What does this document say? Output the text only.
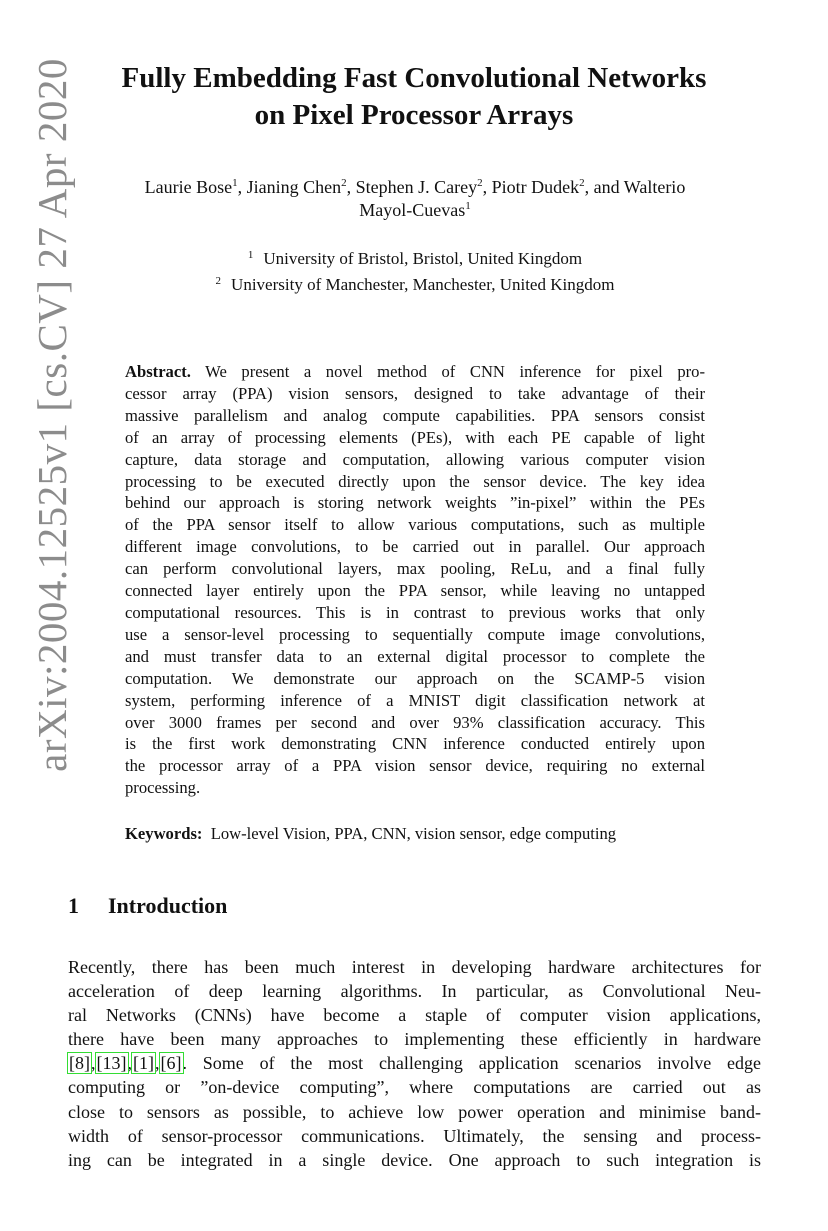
arXiv:2004.12525v1 [cs.CV] 27 Apr 2020	Fully Embedding Fast Convolutional Networks
on Pixel Processor Arrays
Laurie Bose$^1$, Jianing Chen$^2$, Stephen J. Carey$^2$, Piotr Dudek$^2$, and Walterio
Mayol-Cuevas$^1$
$^1$ University of Bristol, Bristol, United Kingdom
$^2$ University of Manchester, Manchester, United Kingdom
Abstract. We present a novel method of CNN inference for pixel pro-
cessor array (PPA) vision sensors, designed to take advantage of their
massive parallelism and analog compute capabilities. PPA sensors consist
of an array of processing elements (PEs), with each PE capable of light
capture, data storage and computation, allowing various computer vision
processing to be executed directly upon the sensor device. The key idea
behind our approach is storing network weights ”in-pixel” within the PEs
of the PPA sensor itself to allow various computations, such as multiple
different image convolutions, to be carried out in parallel. Our approach
can perform convolutional layers, max pooling, ReLu, and a final fully
connected layer entirely upon the PPA sensor, while leaving no untapped
computational resources. This is in contrast to previous works that only
use a sensor-level processing to sequentially compute image convolutions,
and must transfer data to an external digital processor to complete the
computation. We demonstrate our approach on the SCAMP-5 vision
system, performing inference of a MNIST digit classification network at
over 3000 frames per second and over 93% classification accuracy. This
is the first work demonstrating CNN inference conducted entirely upon
the processor array of a PPA vision sensor device, requiring no external
processing.
Keywords: Low-level Vision, PPA, CNN, vision sensor, edge computing
1 Introduction
Recently, there has been much interest in developing hardware architectures for
acceleration of deep learning algorithms. In particular, as Convolutional Neu-
ral Networks (CNNs) have become a staple of computer vision applications,
there have been many approaches to implementing these efficiently in hardware
[8],[13],[1],[6]. Some of the most challenging application scenarios involve edge
computing or ”on-device computing”, where computations are carried out as
close to sensors as possible, to achieve low power operation and minimise band-
width of sensor-processor communications. Ultimately, the sensing and process-
ing can be integrated in a single device. One approach to such integration is
